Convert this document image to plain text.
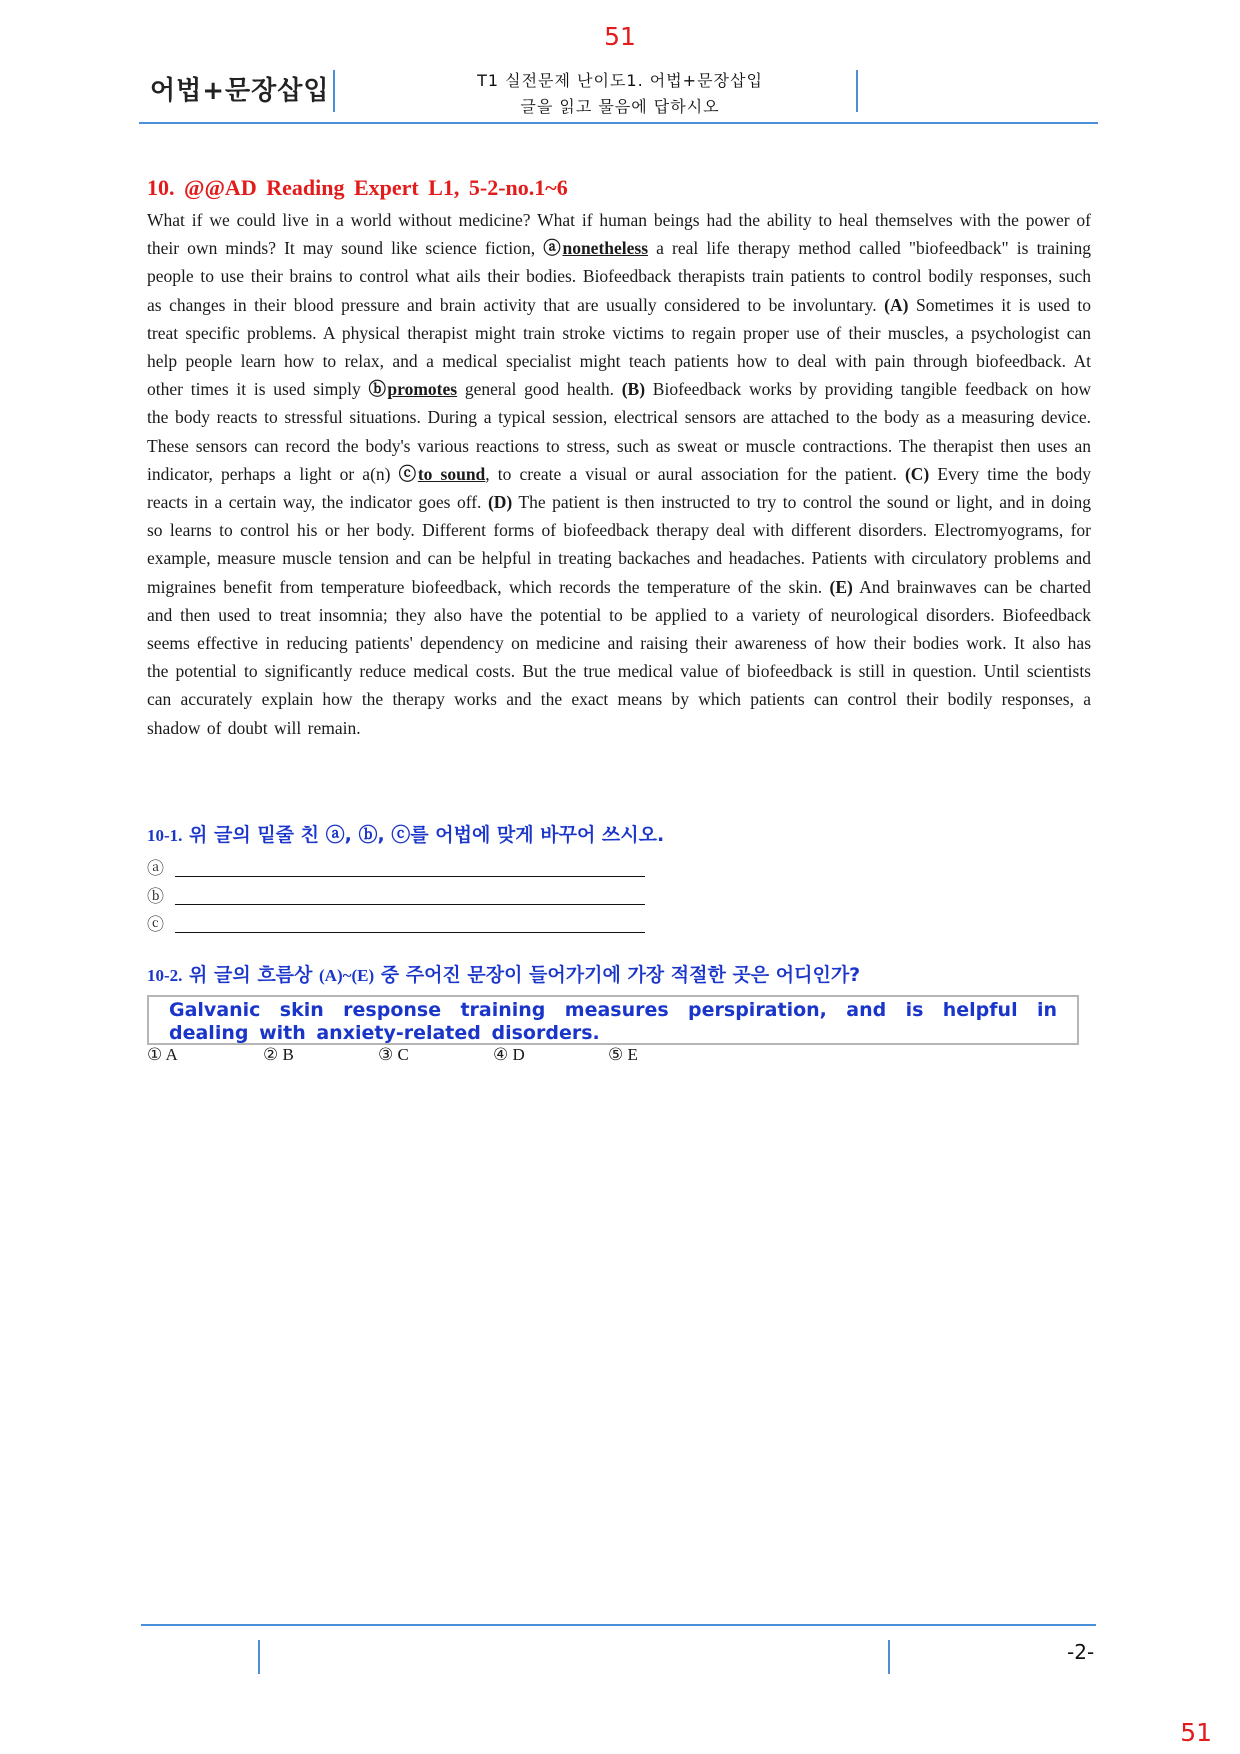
51
어법+문장삽입	T1 실전문제 난이도1. 어법+문장삽입
글을 읽고 물음에 답하시오
10. @@AD Reading Expert L1, 5-2-no.1~6
What if we could live in a world without medicine? What if human beings had the ability to heal themselves with the power of their own minds? It may sound like science fiction, ⓐnonetheless a real life therapy method called "biofeedback" is training people to use their brains to control what ails their bodies. Biofeedback therapists train patients to control bodily responses, such as changes in their blood pressure and brain activity that are usually considered to be involuntary. (A) Sometimes it is used to treat specific problems. A physical therapist might train stroke victims to regain proper use of their muscles, a psychologist can help people learn how to relax, and a medical specialist might teach patients how to deal with pain through biofeedback. At other times it is used simply ⓑpromotes general good health. (B) Biofeedback works by providing tangible feedback on how the body reacts to stressful situations. During a typical session, electrical sensors are attached to the body as a measuring device. These sensors can record the body's various reactions to stress, such as sweat or muscle contractions. The therapist then uses an indicator, perhaps a light or a(n) ⓒto sound, to create a visual or aural association for the patient. (C) Every time the body reacts in a certain way, the indicator goes off. (D) The patient is then instructed to try to control the sound or light, and in doing so learns to control his or her body. Different forms of biofeedback therapy deal with different disorders. Electromyograms, for example, measure muscle tension and can be helpful in treating backaches and headaches. Patients with circulatory problems and migraines benefit from temperature biofeedback, which records the temperature of the skin. (E) And brainwaves can be charted and then used to treat insomnia; they also have the potential to be applied to a variety of neurological disorders. Biofeedback seems effective in reducing patients' dependency on medicine and raising their awareness of how their bodies work. It also has the potential to significantly reduce medical costs. But the true medical value of biofeedback is still in question. Until scientists can accurately explain how the therapy works and the exact means by which patients can control their bodily responses, a shadow of doubt will remain.
10-1. 위 글의 밑줄 친 ⓐ, ⓑ, ⓒ를 어법에 맞게 바꾸어 쓰시오.
ⓐ
ⓑ
ⓒ
10-2. 위 글의 흐름상 (A)~(E) 중 주어진 문장이 들어가기에 가장 적절한 곳은 어디인가?
Galvanic skin response training measures perspiration, and is helpful in dealing with anxiety-related disorders.
① A	② B	③ C	④ D	⑤ E
-2-
51
